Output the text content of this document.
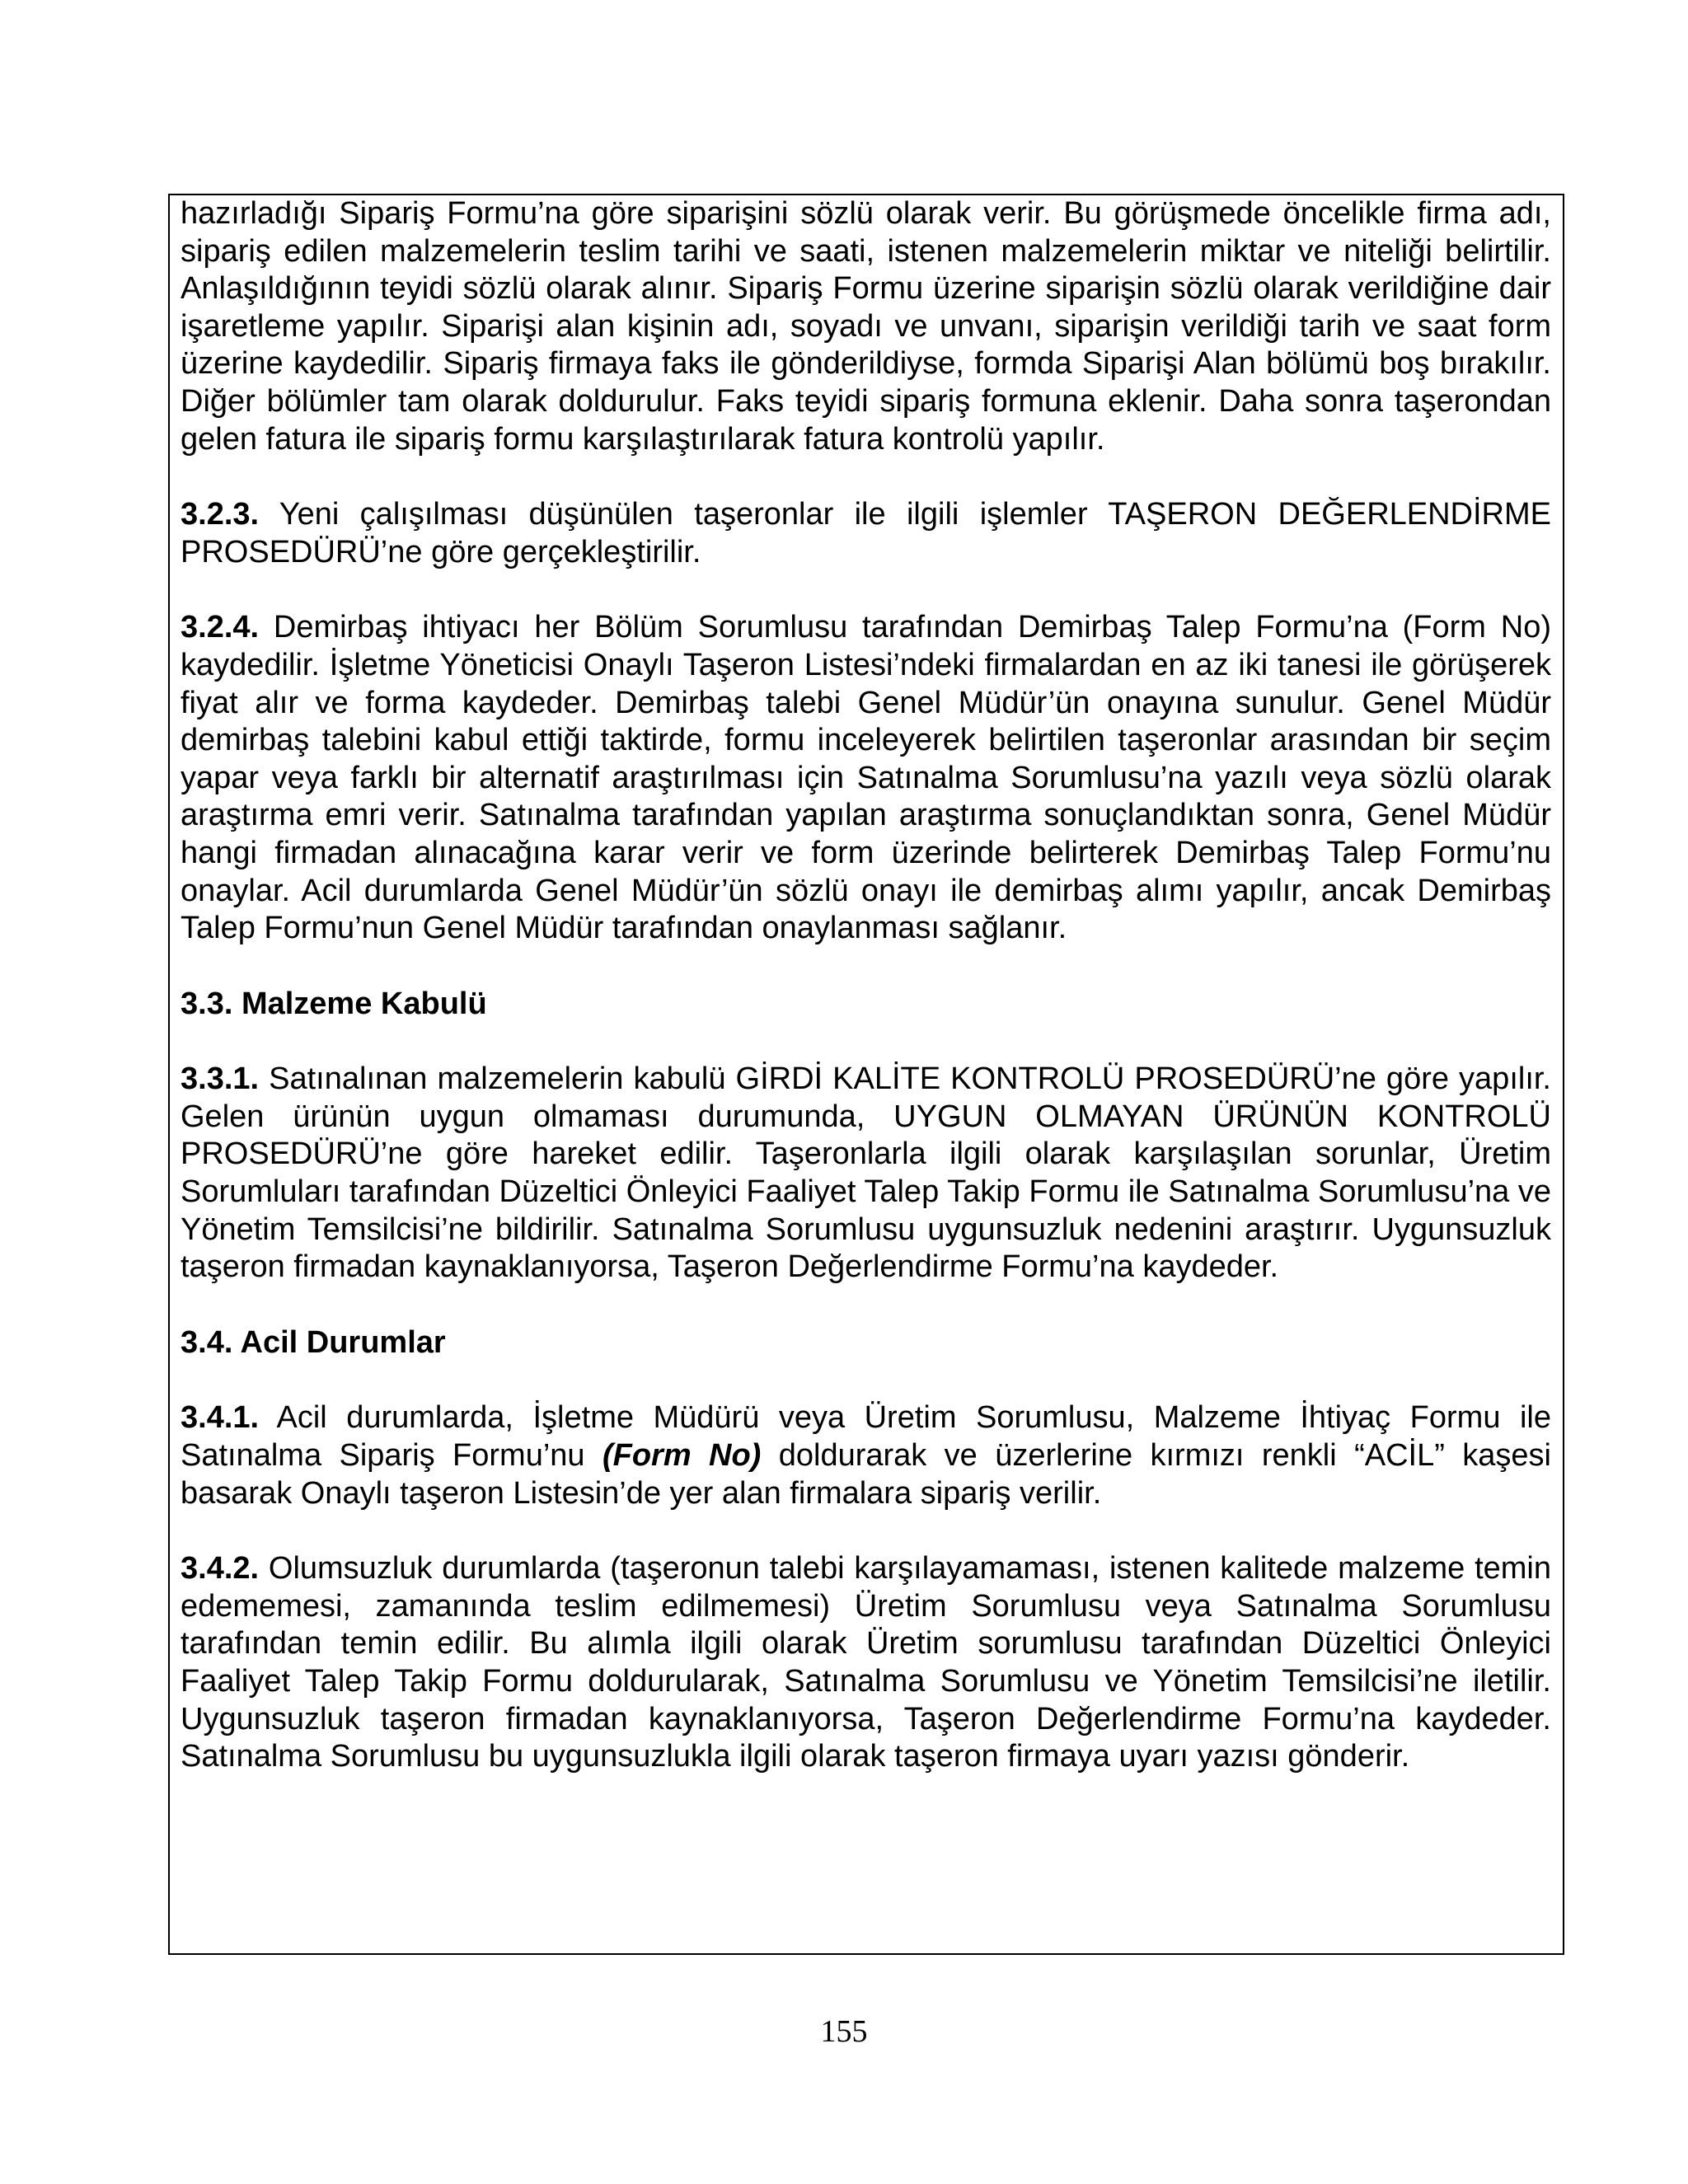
hazırladığı Sipariş Formu’na göre siparişini sözlü olarak verir. Bu görüşmede öncelikle firma adı, sipariş edilen malzemelerin teslim tarihi ve saati, istenen malzemelerin miktar ve niteliği belirtilir. Anlaşıldığının teyidi sözlü olarak alınır. Sipariş Formu üzerine siparişin sözlü olarak verildiğine dair işaretleme yapılır. Siparişi alan kişinin adı, soyadı ve unvanı, siparişin verildiği tarih ve saat form üzerine kaydedilir. Sipariş firmaya faks ile gönderildiyse, formda Siparişi Alan bölümü boş bırakılır. Diğer bölümler tam olarak doldurulur. Faks teyidi sipariş formuna eklenir. Daha sonra taşerondan gelen fatura ile sipariş formu karşılaştırılarak fatura kontrolü yapılır.

3.2.3. Yeni çalışılması düşünülen taşeronlar ile ilgili işlemler TAŞERON DEĞERLENDİRME PROSEDÜRÜ’ne göre gerçekleştirilir.

3.2.4. Demirbaş ihtiyacı her Bölüm Sorumlusu tarafından Demirbaş Talep Formu’na (Form No) kaydedilir. İşletme Yöneticisi Onaylı Taşeron Listesi’ndeki firmalardan en az iki tanesi ile görüşerek fiyat alır ve forma kaydeder. Demirbaş talebi Genel Müdür’ün onayına sunulur. Genel Müdür demirbaş talebini kabul ettiği taktirde, formu inceleyerek belirtilen taşeronlar arasından bir seçim yapar veya farklı bir alternatif araştırılması için Satınalma Sorumlusu’na yazılı veya sözlü olarak araştırma emri verir. Satınalma tarafından yapılan araştırma sonuçlandıktan sonra, Genel Müdür hangi firmadan alınacağına karar verir ve form üzerinde belirterek Demirbaş Talep Formu’nu onaylar. Acil durumlarda Genel Müdür’ün sözlü onayı ile demirbaş alımı yapılır, ancak Demirbaş Talep Formu’nun Genel Müdür tarafından onaylanması sağlanır.

3.3. Malzeme Kabulü

3.3.1. Satınalınan malzemelerin kabulü GİRDİ KALİTE KONTROLÜ PROSEDÜRÜ’ne göre yapılır. Gelen ürünün uygun olmaması durumunda, UYGUN OLMAYAN ÜRÜNÜN KONTROLÜ PROSEDÜRÜ’ne göre hareket edilir. Taşeronlarla ilgili olarak karşılaşılan sorunlar, Üretim Sorumluları tarafından Düzeltici Önleyici Faaliyet Talep Takip Formu ile Satınalma Sorumlusu’na ve Yönetim Temsilcisi’ne bildirilir. Satınalma Sorumlusu uygunsuzluk nedenini araştırır. Uygunsuzluk taşeron firmadan kaynaklanıyorsa, Taşeron Değerlendirme Formu’na kaydeder.

3.4. Acil Durumlar

3.4.1. Acil durumlarda, İşletme Müdürü veya Üretim Sorumlusu, Malzeme İhtiyaç Formu ile Satınalma Sipariş Formu’nu (Form No) doldurarak ve üzerlerine kırmızı renkli “ACİL” kaşesi basarak Onaylı taşeron Listesin’de yer alan firmalara sipariş verilir.

3.4.2. Olumsuzluk durumlarda (taşeronun talebi karşılayamaması, istenen kalitede malzeme temin edememesi, zamanında teslim edilmemesi) Üretim Sorumlusu veya Satınalma Sorumlusu tarafından temin edilir. Bu alımla ilgili olarak Üretim sorumlusu tarafından Düzeltici Önleyici Faaliyet Talep Takip Formu doldurularak, Satınalma Sorumlusu ve Yönetim Temsilcisi’ne iletilir. Uygunsuzluk taşeron firmadan kaynaklanıyorsa, Taşeron Değerlendirme Formu’na kaydeder. Satınalma Sorumlusu bu uygunsuzlukla ilgili olarak taşeron firmaya uyarı yazısı gönderir.

155
